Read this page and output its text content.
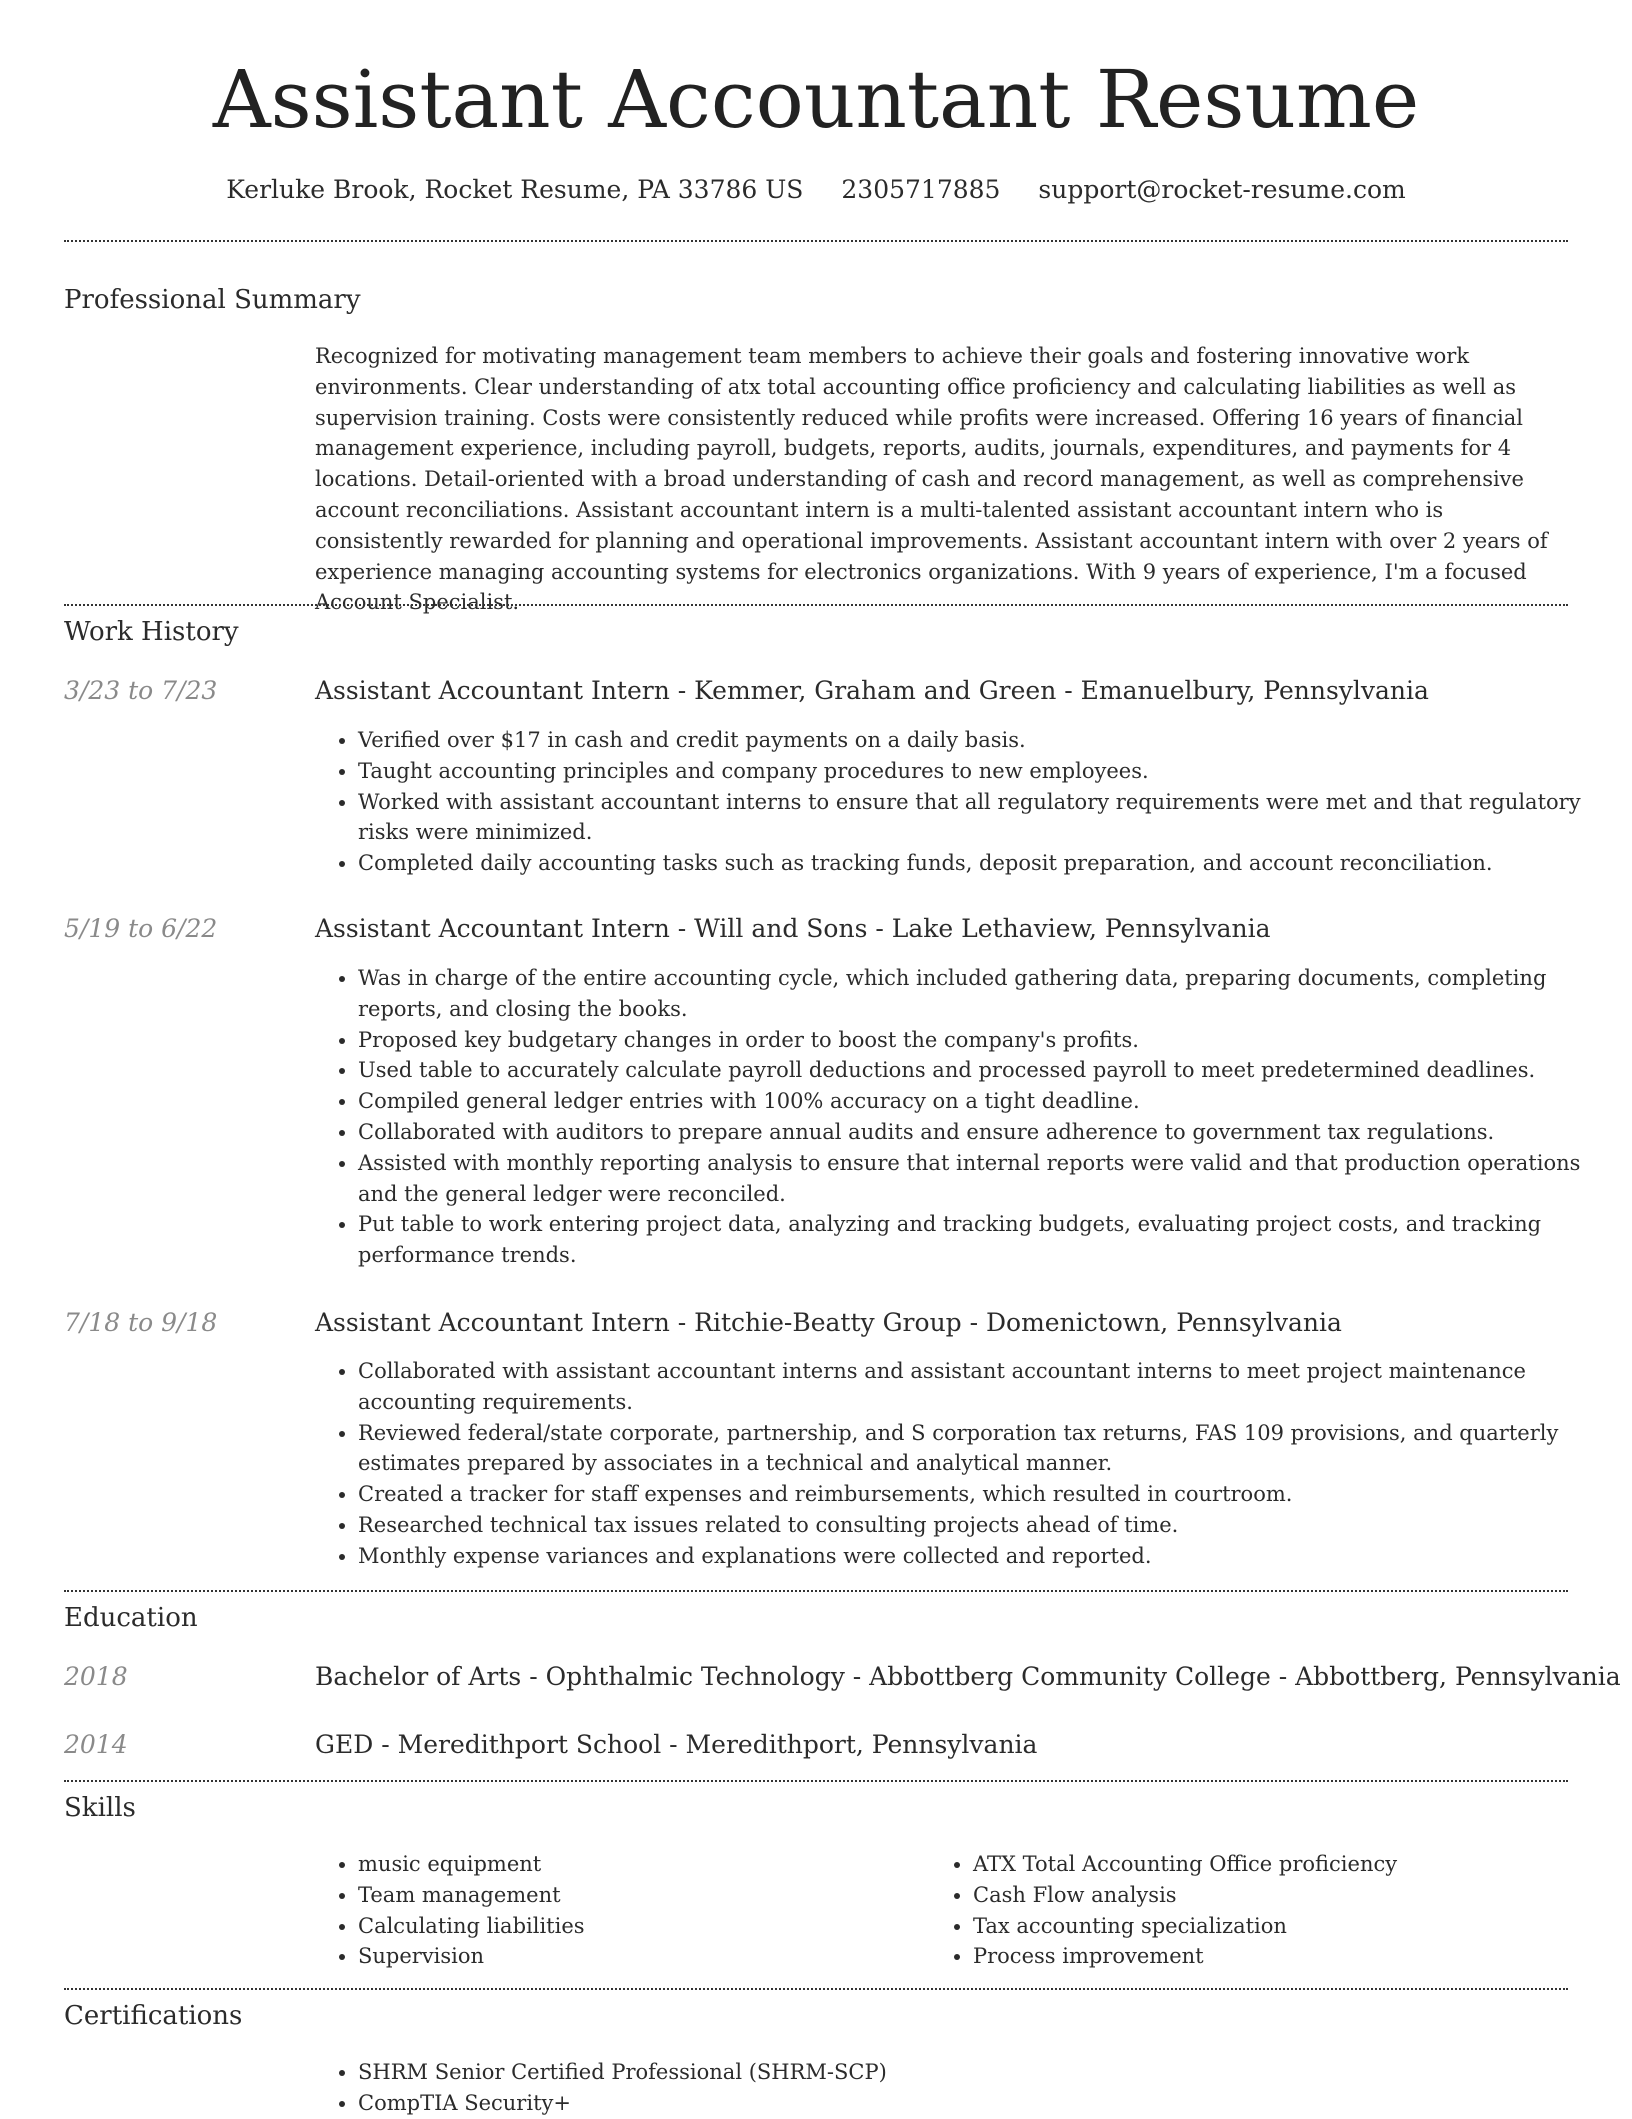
Assistant Accountant Resume
Kerluke Brook, Rocket Resume, PA 33786 US 2305717885 support@rocket-resume.com
Professional Summary
Recognized for motivating management team members to achieve their goals and fostering innovative work environments. Clear understanding of atx total accounting office proficiency and calculating liabilities as well as supervision training. Costs were consistently reduced while profits were increased. Offering 16 years of financial management experience, including payroll, budgets, reports, audits, journals, expenditures, and payments for 4 locations. Detail-oriented with a broad understanding of cash and record management, as well as comprehensive account reconciliations. Assistant accountant intern is a multi-talented assistant accountant intern who is consistently rewarded for planning and operational improvements. Assistant accountant intern with over 2 years of experience managing accounting systems for electronics organizations. With 9 years of experience, I'm a focused Account Specialist.
Work History
3/23 to 7/23	Assistant Accountant Intern - Kemmer, Graham and Green - Emanuelbury, Pennsylvania
• Verified over $17 in cash and credit payments on a daily basis.
• Taught accounting principles and company procedures to new employees.
• Worked with assistant accountant interns to ensure that all regulatory requirements were met and that regulatory risks were minimized.
• Completed daily accounting tasks such as tracking funds, deposit preparation, and account reconciliation.
5/19 to 6/22	Assistant Accountant Intern - Will and Sons - Lake Lethaview, Pennsylvania
• Was in charge of the entire accounting cycle, which included gathering data, preparing documents, completing reports, and closing the books.
• Proposed key budgetary changes in order to boost the company's profits.
• Used table to accurately calculate payroll deductions and processed payroll to meet predetermined deadlines.
• Compiled general ledger entries with 100% accuracy on a tight deadline.
• Collaborated with auditors to prepare annual audits and ensure adherence to government tax regulations.
• Assisted with monthly reporting analysis to ensure that internal reports were valid and that production operations and the general ledger were reconciled.
• Put table to work entering project data, analyzing and tracking budgets, evaluating project costs, and tracking performance trends.
7/18 to 9/18	Assistant Accountant Intern - Ritchie-Beatty Group - Domenictown, Pennsylvania
• Collaborated with assistant accountant interns and assistant accountant interns to meet project maintenance accounting requirements.
• Reviewed federal/state corporate, partnership, and S corporation tax returns, FAS 109 provisions, and quarterly estimates prepared by associates in a technical and analytical manner.
• Created a tracker for staff expenses and reimbursements, which resulted in courtroom.
• Researched technical tax issues related to consulting projects ahead of time.
• Monthly expense variances and explanations were collected and reported.
Education
2018	Bachelor of Arts - Ophthalmic Technology - Abbottberg Community College - Abbottberg, Pennsylvania
2014	GED - Meredithport School - Meredithport, Pennsylvania
Skills
• music equipment
• Team management
• Calculating liabilities
• Supervision
• ATX Total Accounting Office proficiency
• Cash Flow analysis
• Tax accounting specialization
• Process improvement
Certifications
• SHRM Senior Certified Professional (SHRM-SCP)
• CompTIA Security+
